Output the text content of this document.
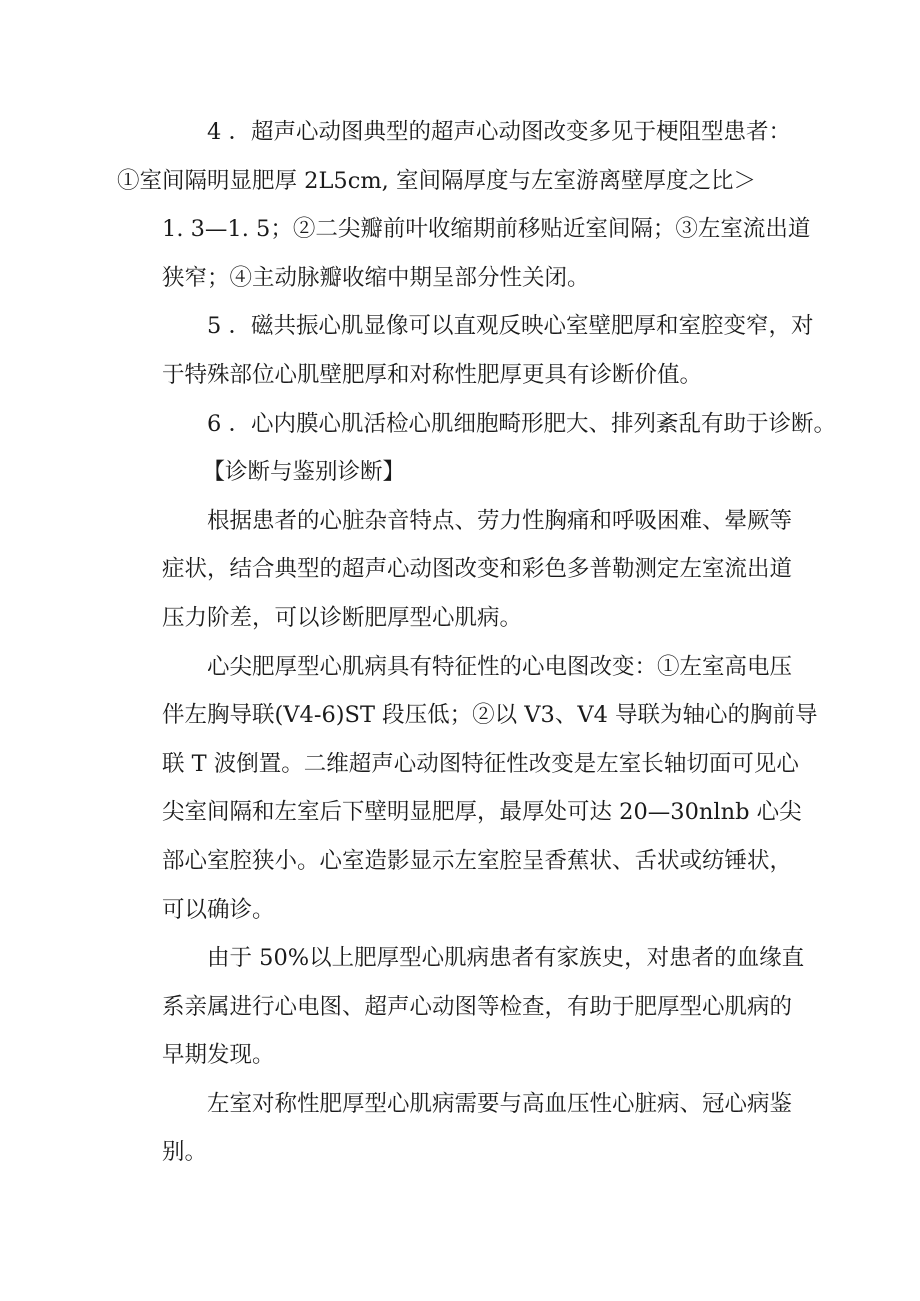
4 ．超声心动图典型的超声心动图改变多见于梗阻型患者：
①室间隔明显肥厚 2L5cm, 室间隔厚度与左室游离壁厚度之比＞
1. 3—1. 5；②二尖瓣前叶收缩期前移贴近室间隔；③左室流出道
狭窄；④主动脉瓣收缩中期呈部分性关闭。

5 ．磁共振心肌显像可以直观反映心室壁肥厚和室腔变窄，对
于特殊部位心肌壁肥厚和对称性肥厚更具有诊断价值。

6 ．心内膜心肌活检心肌细胞畸形肥大、排列紊乱有助于诊断。

【诊断与鉴别诊断】

根据患者的心脏杂音特点、劳力性胸痛和呼吸困难、晕厥等
症状，结合典型的超声心动图改变和彩色多普勒测定左室流出道
压力阶差，可以诊断肥厚型心肌病。

心尖肥厚型心肌病具有特征性的心电图改变：①左室高电压
伴左胸导联(V4-6)ST 段压低；②以 V3、V4 导联为轴心的胸前导
联 T 波倒置。二维超声心动图特征性改变是左室长轴切面可见心
尖室间隔和左室后下壁明显肥厚，最厚处可达 20—30nlnb 心尖
部心室腔狭小。心室造影显示左室腔呈香蕉状、舌状或纺锤状，
可以确诊。

由于 50%以上肥厚型心肌病患者有家族史，对患者的血缘直
系亲属进行心电图、超声心动图等检查，有助于肥厚型心肌病的
早期发现。

左室对称性肥厚型心肌病需要与高血压性心脏病、冠心病鉴
别。
